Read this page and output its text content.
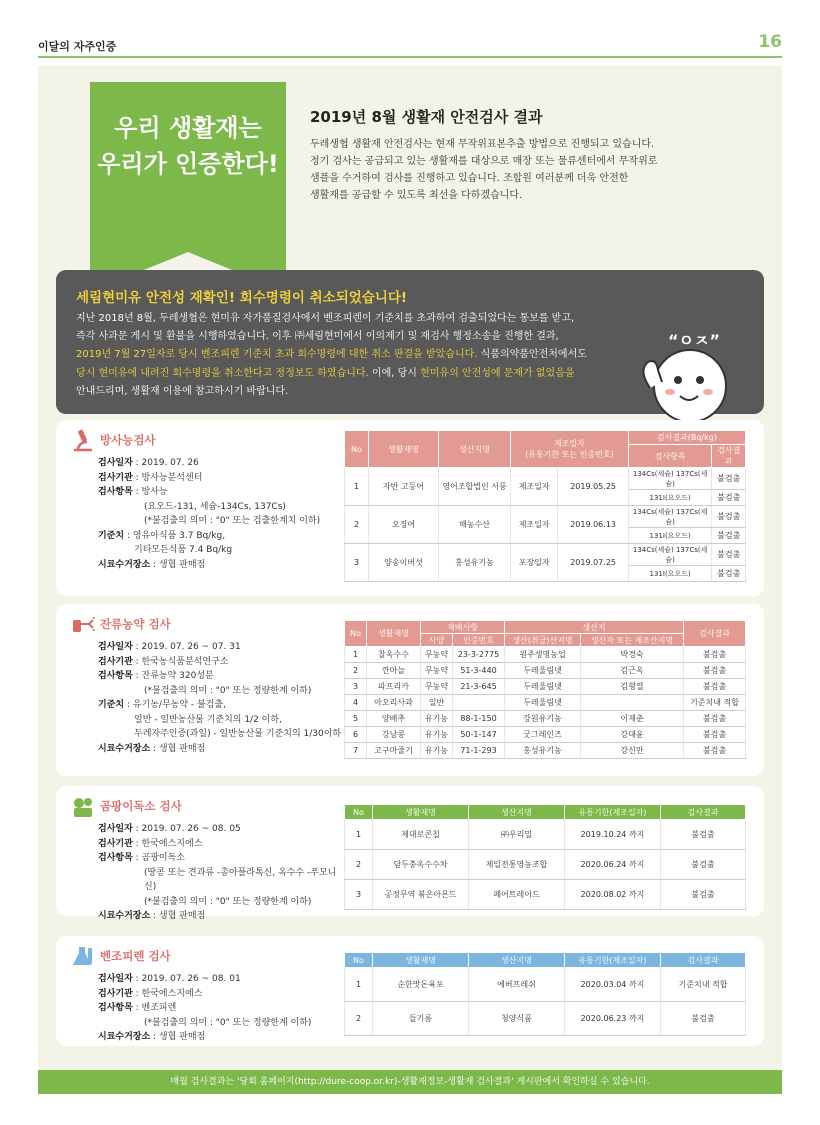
이달의 자주인증	16
우리 생활재는
우리가 인증한다!
2019년 8월 생활재 안전검사 결과
두레생협 생활재 안전검사는 현재 무작위표본추출 방법으로 진행되고 있습니다.
정기 검사는 공급되고 있는 생활재를 대상으로 매장 또는 물류센터에서 무작위로
샘플을 수거하여 검사를 진행하고 있습니다. 조합원 여러분께 더욱 안전한
생활재를 공급할 수 있도록 최선을 다하겠습니다.
세림현미유 안전성 재확인! 회수명령이 취소되었습니다!
지난 2018년 8월, 두레생협은 현미유 자가품질검사에서 벤조피렌이 기준치를 초과하여 검출되었다는 통보를 받고,
즉각 사과문 게시 및 환불을 시행하였습니다. 이후 ㈜세림현미에서 이의제기 및 재검사 행정소송을 진행한 결과,
2019년 7월 27일자로 당시 벤조피렌 기준치 초과 회수명령에 대한 취소 판결을 받았습니다. 식품의약품안전처에서도
당시 현미유에 내려진 회수명령을 취소한다고 정정보도 하였습니다. 이에, 당시 현미유의 안전성에 문제가 없었음을
안내드리며, 생활재 이용에 참고하시기 바랍니다.
“ㅇㅈ”
방사능검사
검사일자 : 2019. 07. 26
검사기관 : 방사능분석센터
검사항목 : 방사능
(요오드-131, 세슘-134Cs, 137Cs)
(*불검출의 의미 : "0" 또는 검출한계치 이하)
기준치 : 영유아식품 3.7 Bq/kg,
기타모든식품 7.4 Bq/kg
시료수거장소 : 생협 판매점
No	생활재명	생산지명	제조일자
(유통기한 또는 인증번호)		검사결과(Bq/kg)	
					검사항목	검사결과
1	자반 고등어	영어조합법인 서풍	제조일자	2019.05.25	134Cs(세슘) 137Cs(세슘)	불검출
					131I(요오드)	불검출
2	오징어	해농수산	제조일자	2019.06.13	134Cs(세슘) 137Cs(세슘)	불검출
					131I(요오드)	불검출
3	양송이버섯	홍성유기농	포장일자	2019.07.25	134Cs(세슘) 137Cs(세슘)	불검출
					131I(요오드)	불검출
잔류농약 검사
검사일자 : 2019. 07. 26 ~ 07. 31
검사기관 : 한국농식품분석연구소
검사항목 : 잔류농약 320성분
(*불검출의 의미 : "0" 또는 정량한계 이하)
기준치 : 유기농/무농약 - 불검출,
일반 - 일반농산물 기준치의 1/2 이하,
두레자주인증(과일) - 일반농산물 기준치의 1/30이하
시료수거장소 : 생협 판매점
No	생활재명	재배사항		생산지		검사결과
		사양	인증번호	생산(취급)산지명	생산자 또는 제조산지명	
1	찰옥수수	무농약	23-3-2775	원주생명농업	박경숙	불검출
2	깐마늘	무농약	51-3-440	두레울림넷	김근옥	불검출
3	파프리카	무농약	21-3-645	두레울림넷	김형열	불검출
4	아오리사과	일반		두레울림넷		기준치내 적합
5	양배추	유기농	88-1-150	강원유기농	이재춘	불검출
6	강낭콩	유기농	50-1-147	굿그레인즈	강대윤	불검출
7	고구마줄기	유기농	71-1-293	홍성유기농	강신만	불검출
곰팡이독소 검사
검사일자 : 2019. 07. 26 ~ 08. 05
검사기관 : 한국에스지에스
검사항목 : 곰팡이독소
(땅콩 또는 견과류 -총아플라톡신, 옥수수 -푸모니신)
(*불검출의 의미 : "0" 또는 정량한계 이하)
시료수거장소 : 생협 판매점
No	생활재명	생산지명	유통기한(제조일자)	검사결과
1	제대로콘칩	㈜우리밀	2019.10.24 까지	불검출
2	담두충옥수수차	제일전통영농조합	2020.06.24 까지	불검출
3	공정무역 볶은아몬드	페어트레이드	2020.08.02 까지	불검출
벤조피렌 검사
검사일자 : 2019. 07. 26 ~ 08. 01
검사기관 : 한국에스지에스
검사항목 : 벤조피렌
(*불검출의 의미 : "0" 또는 정량한계 이하)
시료수거장소 : 생협 판매점
No	생활재명	생산지명	유통기한(제조일자)	검사결과
1	순한맛돈육포	에버프레쉬	2020.03.04 까지	기준치내 적합
2	들기름	청양식품	2020.06.23 까지	불검출
매월 검사결과는 '당회 홈페이지(http://dure-coop.or.kr)-생활재정보-생활재 검사결과' 게시판에서 확인하실 수 있습니다.
